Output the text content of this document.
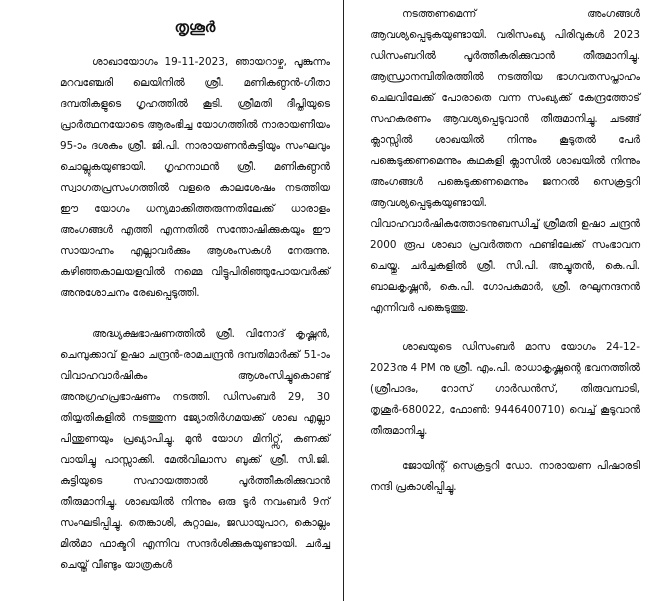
തൃശൂർ

ശാഖായോഗം 19-11-2023, ഞായറാഴ്ച, പൂങ്കുന്നം മറവഞ്ചേരി ലെയിനിൽ ശ്രീ. മണികണ്ഠൻ-ഗീതാ ദമ്പതികളുടെ ഗൃഹത്തിൽ കൂടി. ശ്രീമതി ദീപ്തിയുടെ പ്രാർത്ഥനയോടെ ആരംഭിച്ച യോഗത്തിൽ നാരായണീയം 95-ാം ദശകം ശ്രീ. ജി.പി. നാരായണൻകുട്ടിയും സംഘവും ചൊല്ലുകയുണ്ടായി. ഗൃഹനാഥൻ ശ്രീ. മണികണ്ഠൻ സ്വാഗതപ്രസംഗത്തിൽ വളരെ കാലശേഷം നടത്തിയ ഈ യോഗം ധന്യമാക്കിത്തരുന്നതിലേക്ക് ധാരാളം അംഗങ്ങൾ എത്തി എന്നതിൽ സന്തോഷിക്കുകയും ഈ സായാഹ്നം എല്ലാവർക്കും ആശംസകൾ നേരുന്നു. കഴിഞ്ഞകാലയളവിൽ നമ്മെ വിട്ടുപിരിഞ്ഞുപോയവർക്ക് അനുശോചനം രേഖപ്പെടുത്തി.

അദ്ധ്യക്ഷഭാഷണത്തിൽ ശ്രീ. വിനോദ് കൃഷ്ണൻ, ചെമ്പുക്കാവ് ഉഷാ ചന്ദ്രൻ-രാമചന്ദ്രൻ ദമ്പതിമാർക്ക് 51-ാം വിവാഹവാർഷികം ആശംസിച്ചുകൊണ്ട് അനുഗ്രഹപ്രഭാഷണം നടത്തി. ഡിസംബർ 29, 30 തിയ്യതികളിൽ നടത്തുന്ന ജ്യോതിർഗമയക്ക് ശാഖ എല്ലാ പിന്തുണയും പ്രഖ്യാപിച്ചു. മുൻ യോഗ മിനിറ്റ്സ്, കണക്ക് വായിച്ചു പാസ്സാക്കി. മേൽവിലാസ ബുക്ക് ശ്രീ. സി.ജി. കുട്ടിയുടെ സഹായത്താൽ പൂർത്തീകരിക്കുവാൻ തീരുമാനിച്ചു. ശാഖയിൽ നിന്നും ഒരു ടൂർ നവംബർ 9ന് സംഘടിപ്പിച്ചു. തെങ്കാശി, കുറ്റാലം, ജഡായുപാറ, കൊല്ലം മിൽമാ ഫാക്ടറി എന്നിവ സന്ദർശിക്കുകയുണ്ടായി. ചർച്ച ചെയ്ത് വീണ്ടും യാത്രകൾ

നടത്തണമെന്ന് അംഗങ്ങൾ ആവശ്യപ്പെടുകയുണ്ടായി. വരിസംഖ്യ പിരിവുകൾ 2023 ഡിസംബറിൽ പൂർത്തീകരിക്കുവാൻ തീരുമാനിച്ചു. ആന്ധ്രാനമ്പിതിരത്തിൽ നടത്തിയ ഭാഗവതസപ്താഹം ചെലവിലേക്ക് പോരാതെ വന്ന സംഖ്യക്ക് കേന്ദ്രത്തോട് സഹകരണം ആവശ്യപ്പെടുവാൻ തീരുമാനിച്ചു. ചടങ്ങ് ക്ലാസ്സിൽ ശാഖയിൽ നിന്നും കൂടുതൽ പേർ പങ്കെടുക്കണമെന്നും കഥകളി ക്ലാസിൽ ശാഖയിൽ നിന്നും അംഗങ്ങൾ പങ്കെടുക്കണമെന്നും ജനറൽ സെക്രട്ടറി ആവശ്യപ്പെടുകയുണ്ടായി. വിവാഹവാർഷികത്തോടനുബന്ധിച്ച് ശ്രീമതി ഉഷാ ചന്ദ്രൻ 2000 രൂപ ശാഖാ പ്രവർത്തന ഫണ്ടിലേക്ക് സംഭാവന ചെയ്തു. ചർച്ചകളിൽ ശ്രീ. സി.പി. അച്ചുതൻ, കെ.പി. ബാലകൃഷ്ണൻ, കെ.പി. ഗോപകുമാർ, ശ്രീ. രഘുനന്ദനൻ എന്നിവർ പങ്കെടുത്തു.

ശാഖയുടെ ഡിസംബർ മാസ യോഗം 24-12-2023നു 4 PM നു ശ്രീ. എം.പി. രാധാകൃഷ്ണന്റെ ഭവനത്തിൽ (ശ്രീപാദം, റോസ് ഗാർഡൻസ്, തിരുവമ്പാടി, തൃശൂർ-680022, ഫോൺ: 9446400710) വെച്ച് കൂടുവാൻ തീരുമാനിച്ചു.

ജോയിന്റ് സെക്രട്ടറി ഡോ. നാരായണ പിഷാരടി നന്ദി പ്രകാശിപ്പിച്ചു.
